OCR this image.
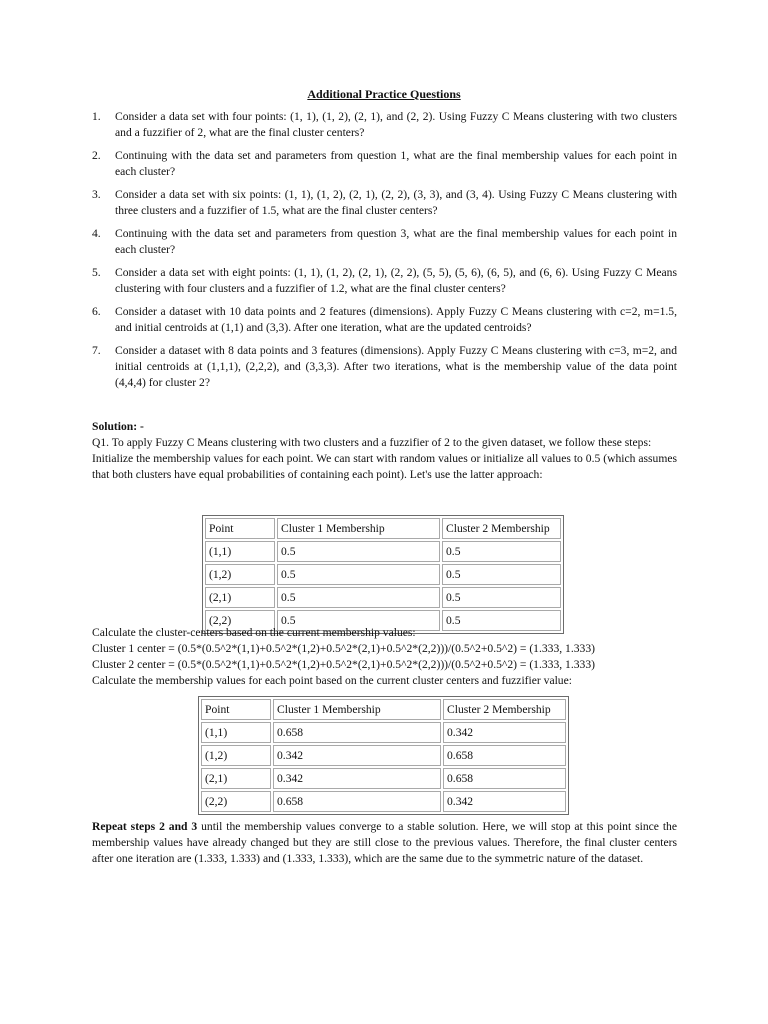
Additional Practice Questions
1. Consider a data set with four points: (1, 1), (1, 2), (2, 1), and (2, 2). Using Fuzzy C Means clustering with two clusters and a fuzzifier of 2, what are the final cluster centers?
2. Continuing with the data set and parameters from question 1, what are the final membership values for each point in each cluster?
3. Consider a data set with six points: (1, 1), (1, 2), (2, 1), (2, 2), (3, 3), and (3, 4). Using Fuzzy C Means clustering with three clusters and a fuzzifier of 1.5, what are the final cluster centers?
4. Continuing with the data set and parameters from question 3, what are the final membership values for each point in each cluster?
5. Consider a data set with eight points: (1, 1), (1, 2), (2, 1), (2, 2), (5, 5), (5, 6), (6, 5), and (6, 6). Using Fuzzy C Means clustering with four clusters and a fuzzifier of 1.2, what are the final cluster centers?
6. Consider a dataset with 10 data points and 2 features (dimensions). Apply Fuzzy C Means clustering with c=2, m=1.5, and initial centroids at (1,1) and (3,3). After one iteration, what are the updated centroids?
7. Consider a dataset with 8 data points and 3 features (dimensions). Apply Fuzzy C Means clustering with c=3, m=2, and initial centroids at (1,1,1), (2,2,2), and (3,3,3). After two iterations, what is the membership value of the data point (4,4,4) for cluster 2?

Solution: -

Q1. To apply Fuzzy C Means clustering with two clusters and a fuzzifier of 2 to the given dataset, we follow these steps:

Initialize the membership values for each point. We can start with random values or initialize all values to 0.5 (which assumes that both clusters have equal probabilities of containing each point). Let's use the latter approach:

Point	Cluster 1 Membership	Cluster 2 Membership
(1,1)	0.5	0.5
(1,2)	0.5	0.5
(2,1)	0.5	0.5
(2,2)	0.5	0.5

Calculate the cluster-centers based on the current membership values:

Cluster 1 center = (0.5*(0.5^2*(1,1)+0.5^2*(1,2)+0.5^2*(2,1)+0.5^2*(2,2)))/(0.5^2+0.5^2) = (1.333, 1.333)

Cluster 2 center = (0.5*(0.5^2*(1,1)+0.5^2*(1,2)+0.5^2*(2,1)+0.5^2*(2,2)))/(0.5^2+0.5^2) = (1.333, 1.333)

Calculate the membership values for each point based on the current cluster centers and fuzzifier value:

Point	Cluster 1 Membership	Cluster 2 Membership
(1,1)	0.658	0.342
(1,2)	0.342	0.658
(2,1)	0.342	0.658
(2,2)	0.658	0.342

Repeat steps 2 and 3 until the membership values converge to a stable solution. Here, we will stop at this point since the membership values have already changed but they are still close to the previous values. Therefore, the final cluster centers after one iteration are (1.333, 1.333) and (1.333, 1.333), which are the same due to the symmetric nature of the dataset.
